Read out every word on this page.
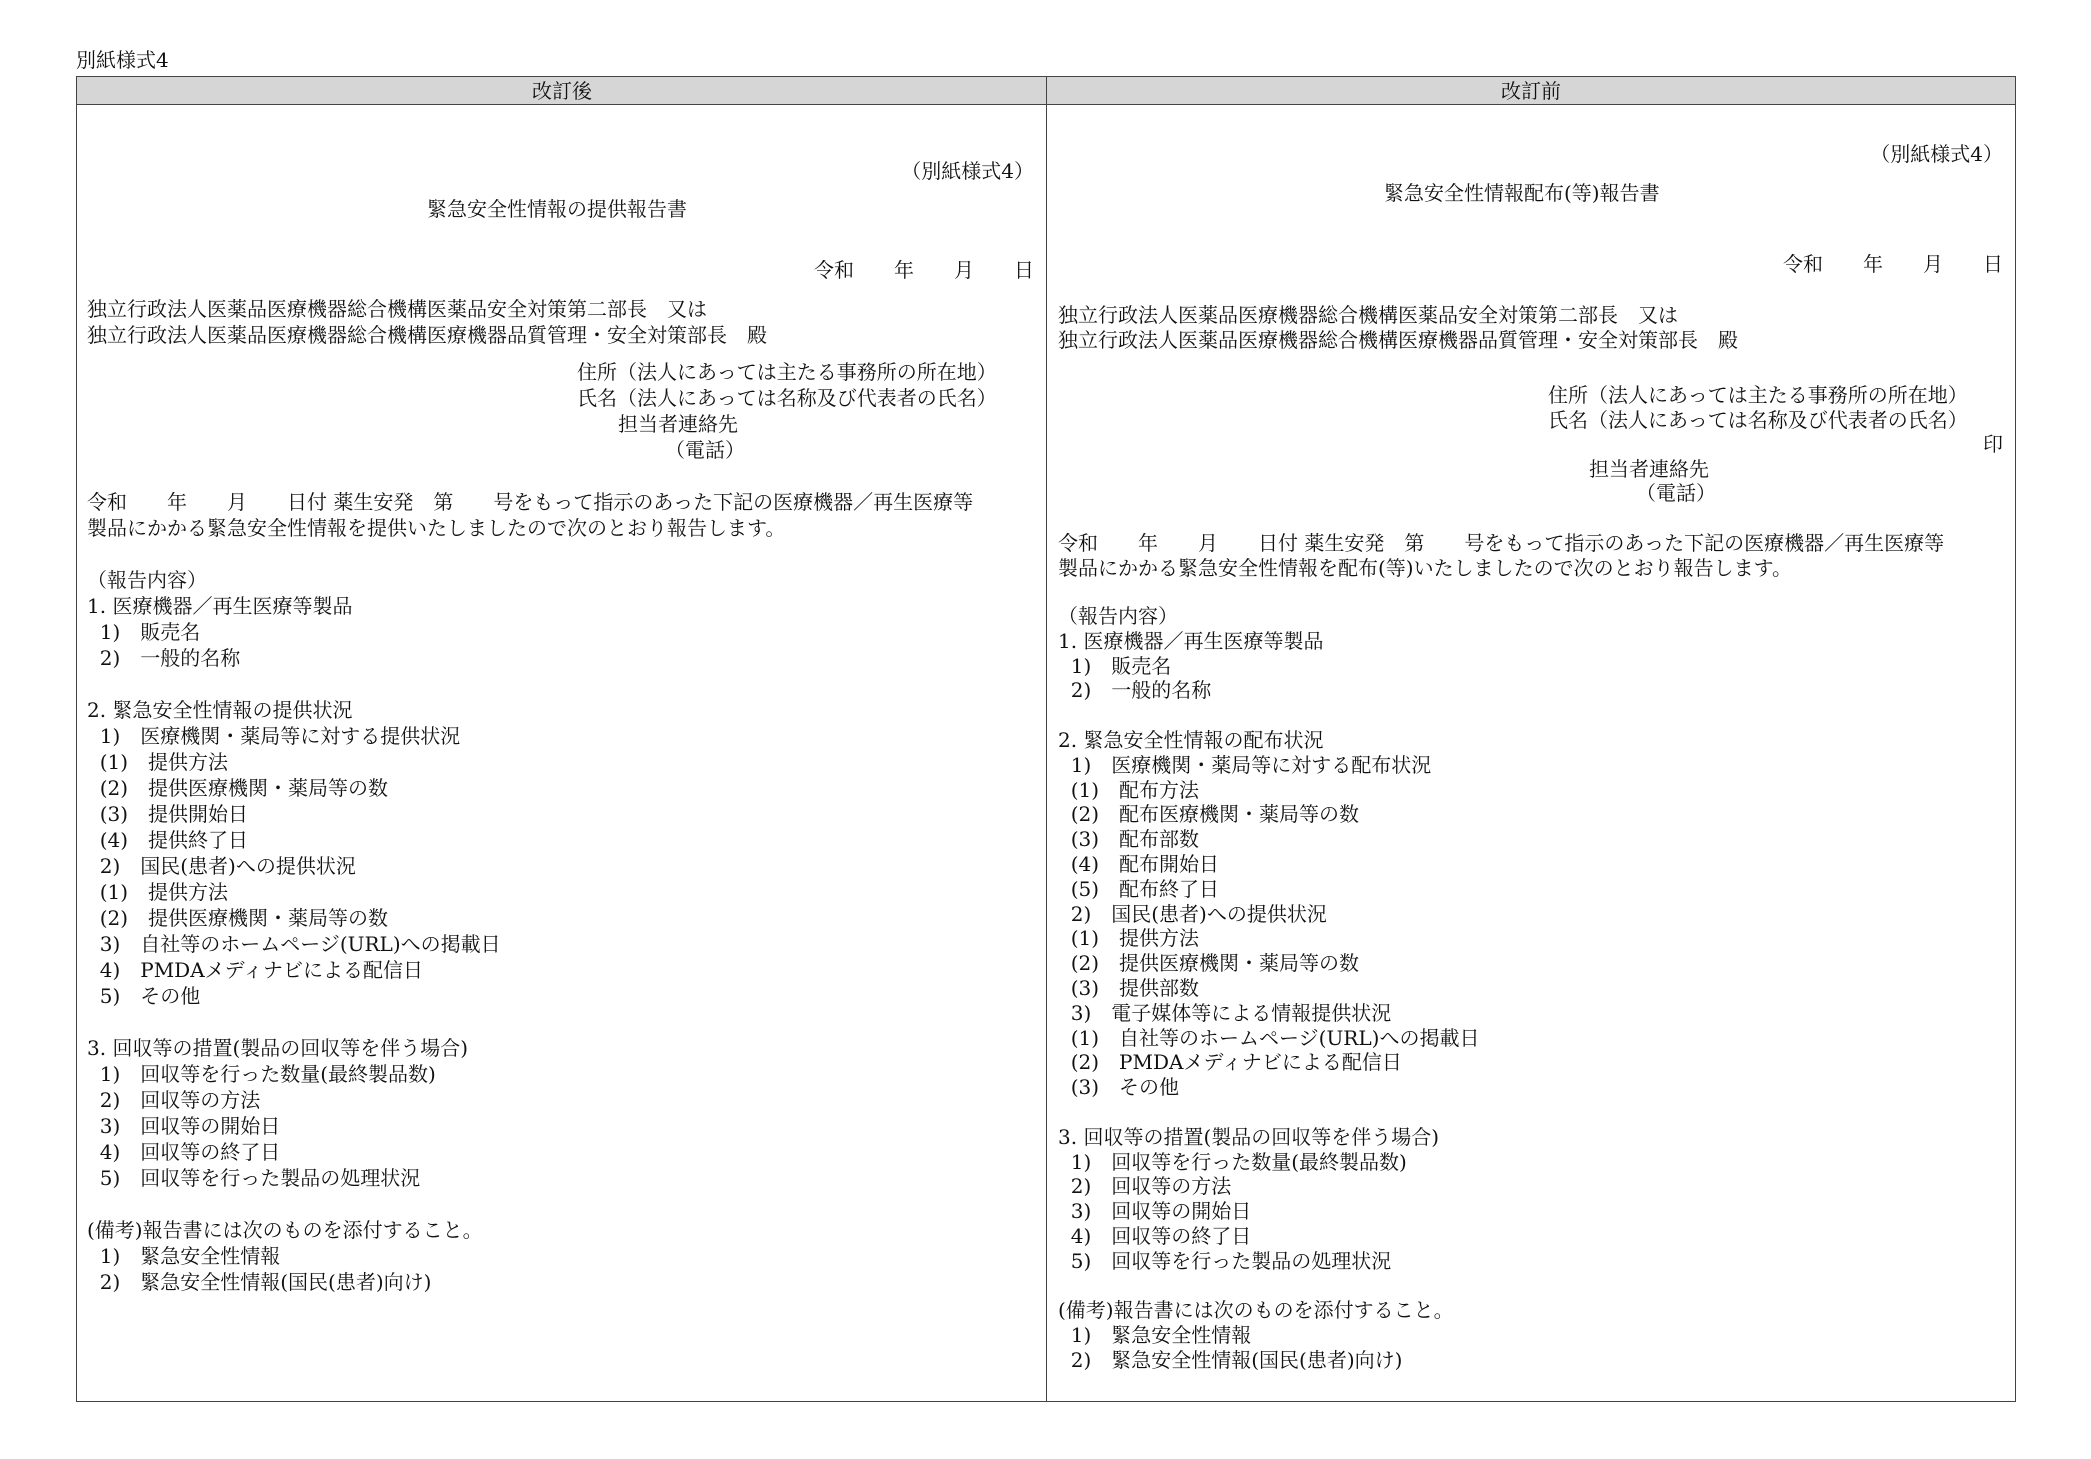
別紙様式4
改訂後	改訂前
（別紙様式4）
緊急安全性情報の提供報告書
令和　　年　　月　　日
独立行政法人医薬品医療機器総合機構医薬品安全対策第二部長　又は
独立行政法人医薬品医療機器総合機構医療機器品質管理・安全対策部長　殿
住所（法人にあっては主たる事務所の所在地）
氏名（法人にあっては名称及び代表者の氏名）
担当者連絡先
（電話）
令和　　年　　月　　日付 薬生安発　第　　号をもって指示のあった下記の医療機器／再生医療等
製品にかかる緊急安全性情報を提供いたしましたので次のとおり報告します。
（報告内容）
1. 医療機器／再生医療等製品
1)　販売名
2)　一般的名称
2. 緊急安全性情報の提供状況
1)　医療機関・薬局等に対する提供状況
(1)　提供方法
(2)　提供医療機関・薬局等の数
(3)　提供開始日
(4)　提供終了日
2)　国民(患者)への提供状況
(1)　提供方法
(2)　提供医療機関・薬局等の数
3)　自社等のホームページ(URL)への掲載日
4)　PMDAメディナビによる配信日
5)　その他
3. 回収等の措置(製品の回収等を伴う場合)
1)　回収等を行った数量(最終製品数)
2)　回収等の方法
3)　回収等の開始日
4)　回収等の終了日
5)　回収等を行った製品の処理状況
(備考)報告書には次のものを添付すること。
1)　緊急安全性情報
2)　緊急安全性情報(国民(患者)向け)
（別紙様式4）
緊急安全性情報配布(等)報告書
令和　　年　　月　　日
独立行政法人医薬品医療機器総合機構医薬品安全対策第二部長　又は
独立行政法人医薬品医療機器総合機構医療機器品質管理・安全対策部長　殿
住所（法人にあっては主たる事務所の所在地）
氏名（法人にあっては名称及び代表者の氏名）
印
担当者連絡先
（電話）
令和　　年　　月　　日付 薬生安発　第　　号をもって指示のあった下記の医療機器／再生医療等
製品にかかる緊急安全性情報を配布(等)いたしましたので次のとおり報告します。
（報告内容）
1. 医療機器／再生医療等製品
1)　販売名
2)　一般的名称
2. 緊急安全性情報の配布状況
1)　医療機関・薬局等に対する配布状況
(1)　配布方法
(2)　配布医療機関・薬局等の数
(3)　配布部数
(4)　配布開始日
(5)　配布終了日
2)　国民(患者)への提供状況
(1)　提供方法
(2)　提供医療機関・薬局等の数
(3)　提供部数
3)　電子媒体等による情報提供状況
(1)　自社等のホームページ(URL)への掲載日
(2)　PMDAメディナビによる配信日
(3)　その他
3. 回収等の措置(製品の回収等を伴う場合)
1)　回収等を行った数量(最終製品数)
2)　回収等の方法
3)　回収等の開始日
4)　回収等の終了日
5)　回収等を行った製品の処理状況
(備考)報告書には次のものを添付すること。
1)　緊急安全性情報
2)　緊急安全性情報(国民(患者)向け)
